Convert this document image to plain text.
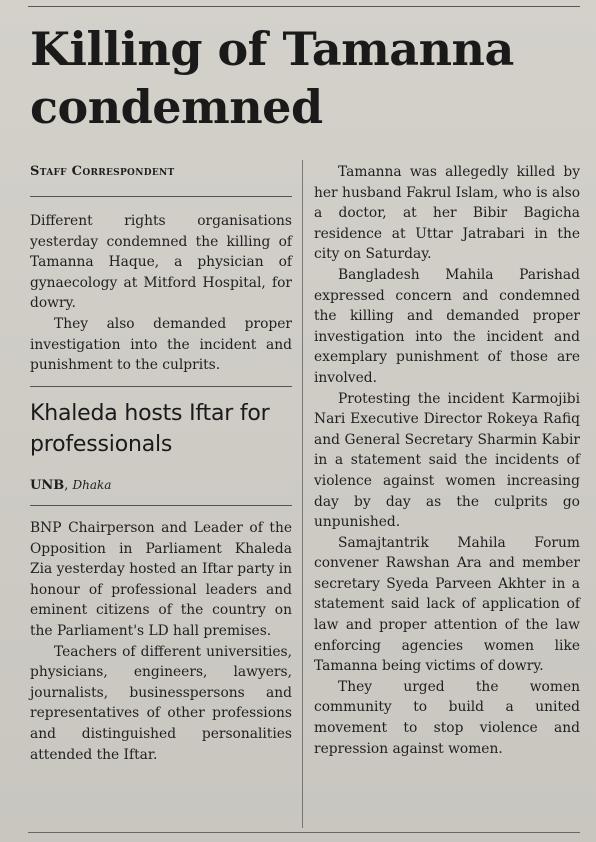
Killing of Tamanna condemned
Staff Correspondent

Different rights organisations yesterday condemned the killing of Tamanna Haque, a physician of gynaecology at Mitford Hospital, for dowry.

They also demanded proper investigation into the incident and punishment to the culprits.

Khaleda hosts Iftar for professionals
UNB, Dhaka

BNP Chairperson and Leader of the Opposition in Parliament Khaleda Zia yesterday hosted an Iftar party in honour of professional leaders and eminent citizens of the country on the Parliament's LD hall premises.

Teachers of different universities, physicians, engineers, lawyers, journalists, businesspersons and representatives of other professions and distinguished personalities attended the Iftar.

Tamanna was allegedly killed by her husband Fakrul Islam, who is also a doctor, at her Bibir Bagicha residence at Uttar Jatrabari in the city on Saturday.

Bangladesh Mahila Parishad expressed concern and condemned the killing and demanded proper investigation into the incident and exemplary punishment of those are involved.

Protesting the incident Karmojibi Nari Executive Director Rokeya Rafiq and General Secretary Sharmin Kabir in a statement said the incidents of violence against women increasing day by day as the culprits go unpunished.

Samajtantrik Mahila Forum convener Rawshan Ara and member secretary Syeda Parveen Akhter in a statement said lack of application of law and proper attention of the law enforcing agencies women like Tamanna being victims of dowry.

They urged the women community to build a united movement to stop violence and repression against women.
